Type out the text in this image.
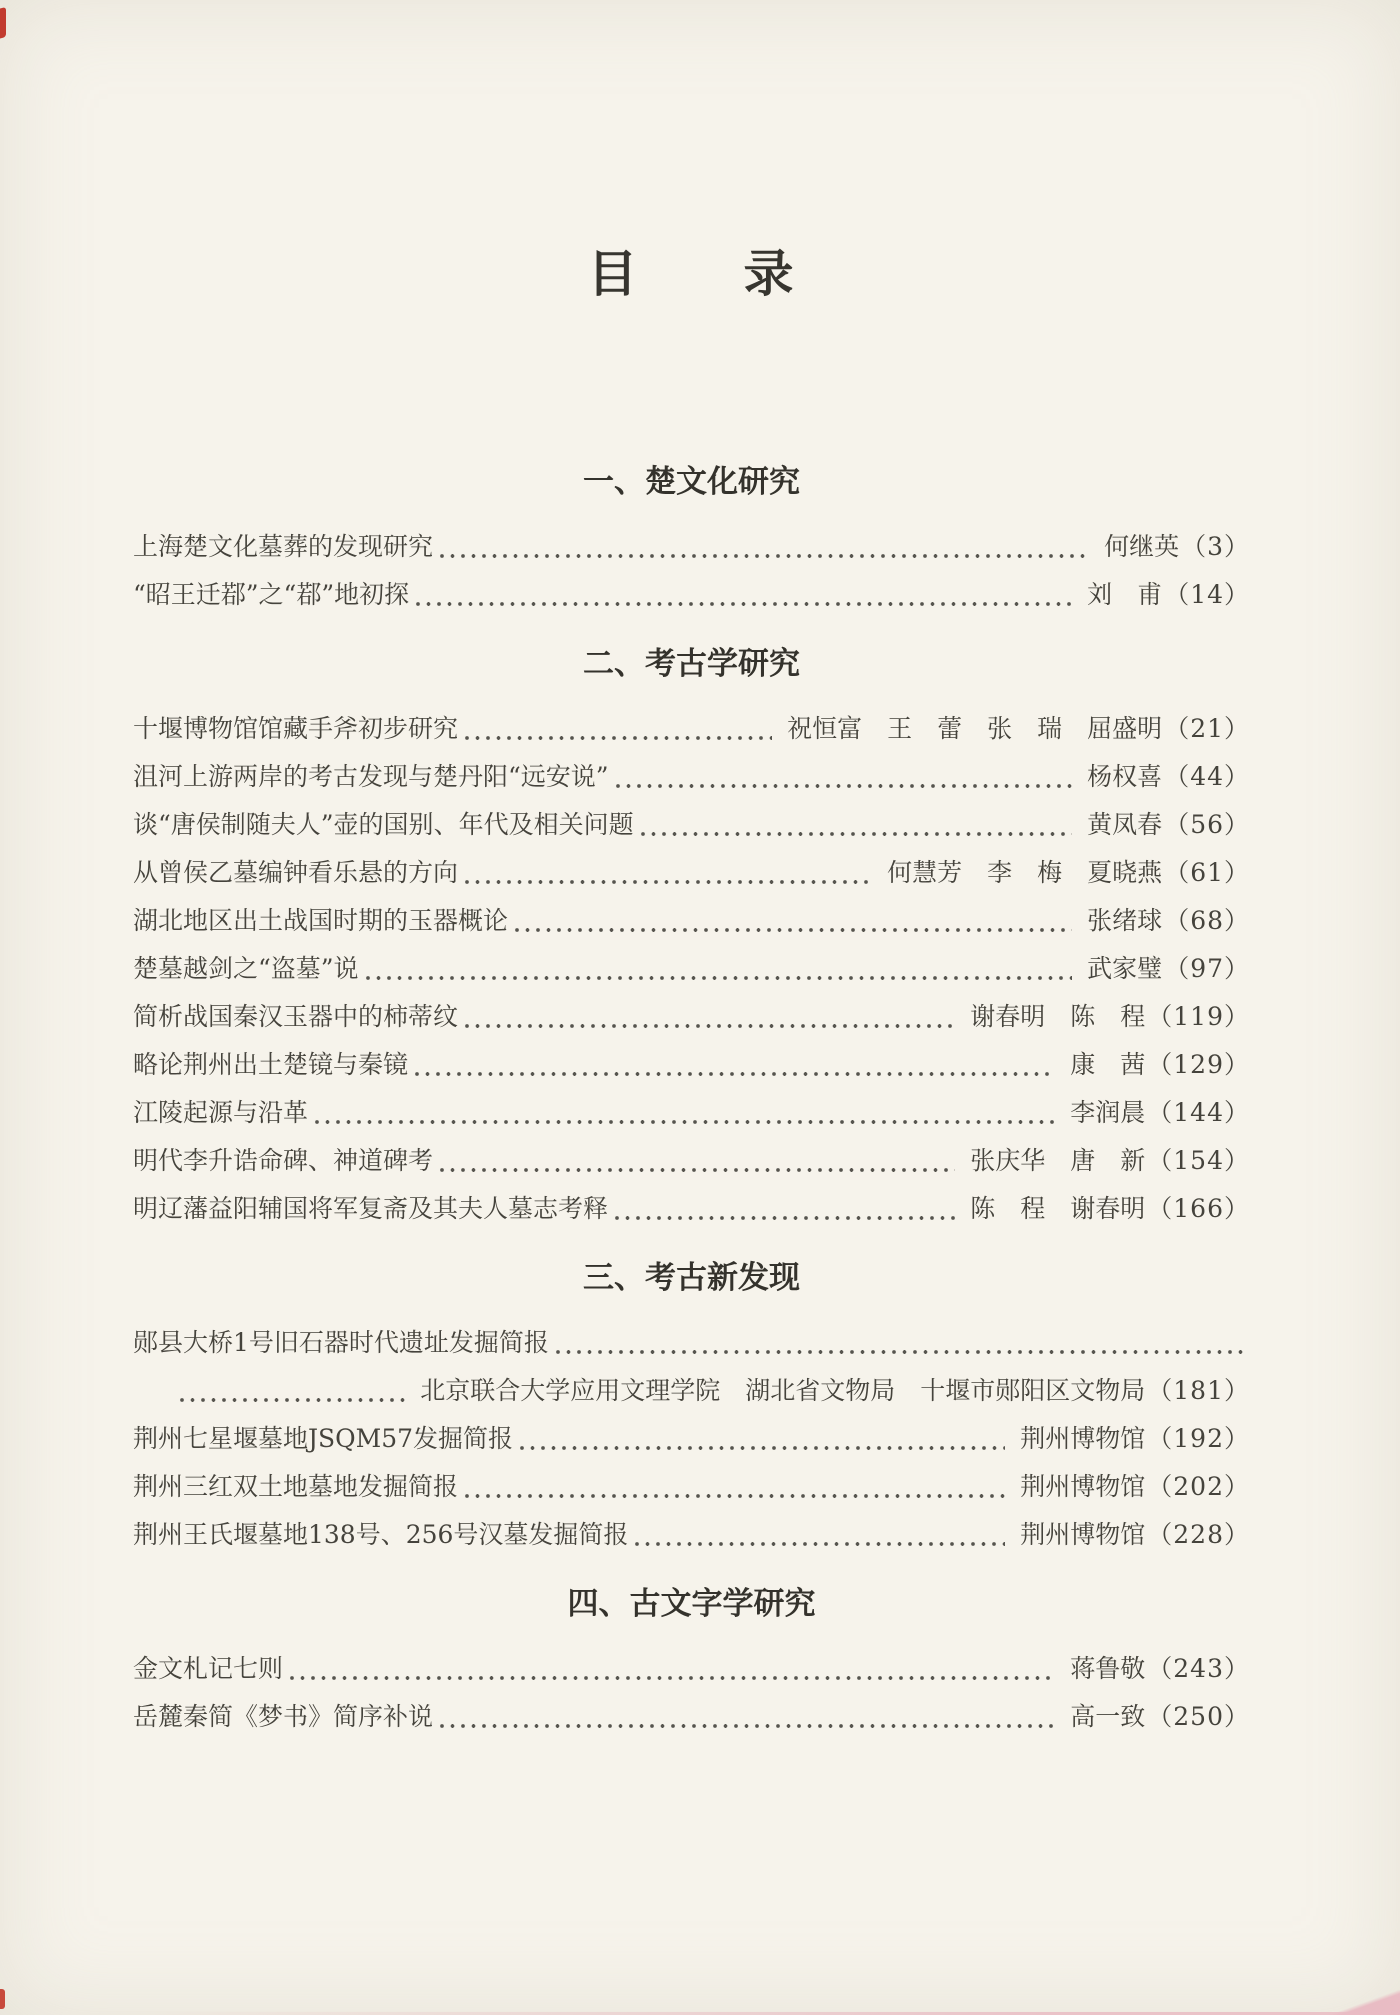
目　　录
一、楚文化研究
上海楚文化墓葬的发现研究	何继英 （3）
“昭王迁鄀”之“鄀”地初探	刘　甫 （14）
二、考古学研究
十堰博物馆馆藏手斧初步研究	祝恒富　王　蕾　张　瑞　屈盛明 （21）
沮河上游两岸的考古发现与楚丹阳“远安说”	杨权喜 （44）
谈“唐侯制随夫人”壶的国别、年代及相关问题	黄凤春 （56）
从曾侯乙墓编钟看乐悬的方向	何慧芳　李　梅　夏晓燕 （61）
湖北地区出土战国时期的玉器概论	张绪球 （68）
楚墓越剑之“盗墓”说	武家璧 （97）
简析战国秦汉玉器中的柿蒂纹	谢春明　陈　程 （119）
略论荆州出土楚镜与秦镜	康　茜 （129）
江陵起源与沿革	李润晨 （144）
明代李升诰命碑、神道碑考	张庆华　唐　新 （154）
明辽藩益阳辅国将军复斋及其夫人墓志考释	陈　程　谢春明 （166）
三、考古新发现
郧县大桥1号旧石器时代遗址发掘简报
北京联合大学应用文理学院　湖北省文物局　十堰市郧阳区文物局 （181）
荆州七星堰墓地JSQM57发掘简报	荆州博物馆 （192）
荆州三红双土地墓地发掘简报	荆州博物馆 （202）
荆州王氏堰墓地138号、256号汉墓发掘简报	荆州博物馆 （228）
四、古文字学研究
金文札记七则	蒋鲁敬 （243）
岳麓秦简《梦书》简序补说	高一致 （250）
